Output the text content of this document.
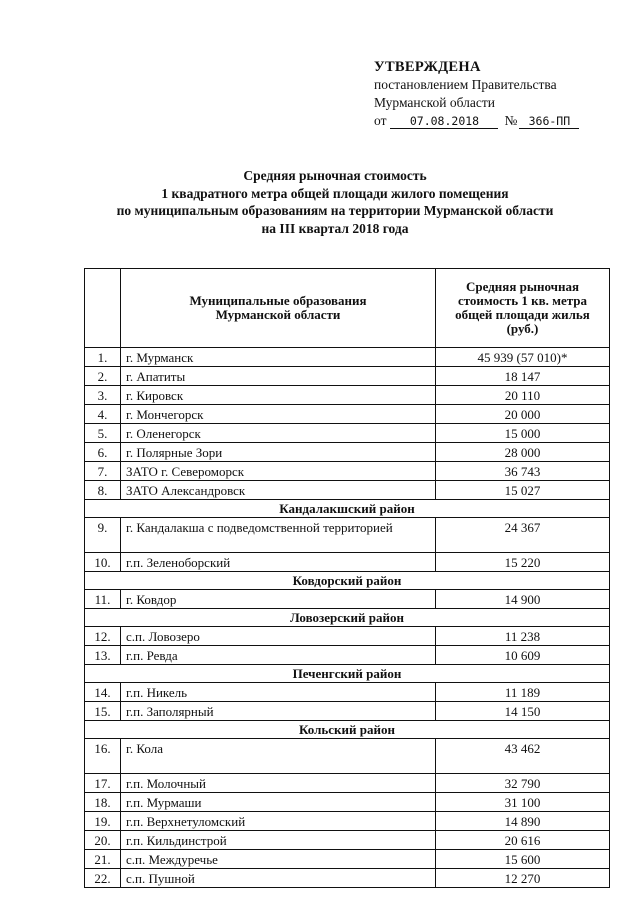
УТВЕРЖДЕНА
постановлением Правительства
Мурманской области
от 07.08.2018 № 366-ПП
Средняя рыночная стоимость
1 квадратного метра общей площади жилого помещения
по муниципальным образованиям на территории Мурманской области
на III квартал 2018 года
	Муниципальные образования Мурманской области	Средняя рыночная стоимость 1 кв. метра общей площади жилья (руб.)
1.	г. Мурманск	45 939 (57 010)*
2.	г. Апатиты	18 147
3.	г. Кировск	20 110
4.	г. Мончегорск	20 000
5.	г. Оленегорск	15 000
6.	г. Полярные Зори	28 000
7.	ЗАТО г. Североморск	36 743
8.	ЗАТО Александровск	15 027
Кандалакшский район		
9.	г. Кандалакша с подведомственной территорией	24 367
10.	г.п. Зеленоборский	15 220
Ковдорский район		
11.	г. Ковдор	14 900
Ловозерский район		
12.	с.п. Ловозеро	11 238
13.	г.п. Ревда	10 609
Печенгский район		
14.	г.п. Никель	11 189
15.	г.п. Заполярный	14 150
Кольский район		
16.	г. Кола	43 462
17.	г.п. Молочный	32 790
18.	г.п. Мурмаши	31 100
19.	г.п. Верхнетуломский	14 890
20.	г.п. Кильдинстрой	20 616
21.	с.п. Междуречье	15 600
22.	с.п. Пушной	12 270
